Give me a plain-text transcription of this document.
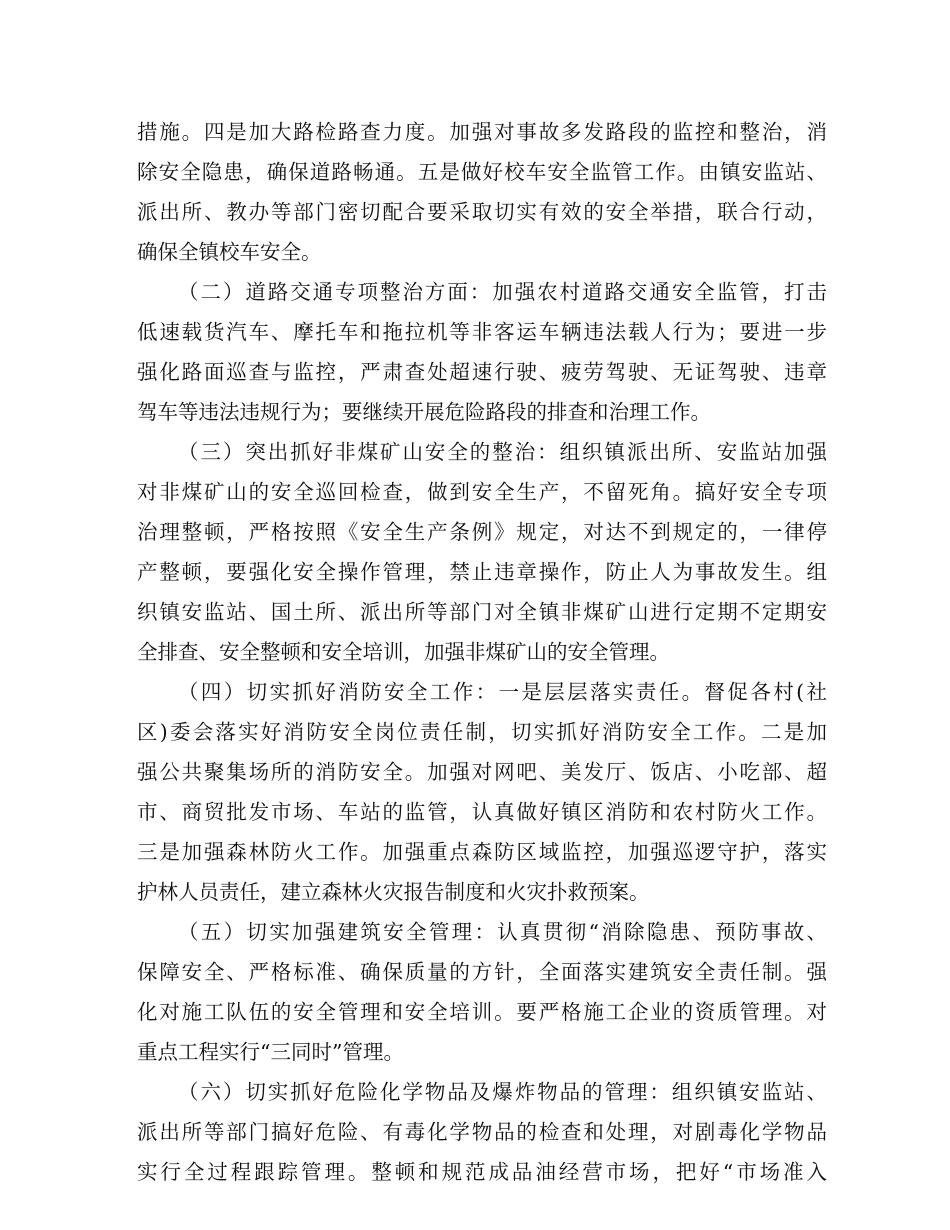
措施。四是加大路检路查力度。加强对事故多发路段的监控和整治，消
除安全隐患，确保道路畅通。五是做好校车安全监管工作。由镇安监站、
派出所、教办等部门密切配合要采取切实有效的安全举措，联合行动，
确保全镇校车安全。
（二）道路交通专项整治方面：加强农村道路交通安全监管，打击
低速载货汽车、摩托车和拖拉机等非客运车辆违法载人行为；要进一步
强化路面巡查与监控，严肃查处超速行驶、疲劳驾驶、无证驾驶、违章
驾车等违法违规行为；要继续开展危险路段的排查和治理工作。
（三）突出抓好非煤矿山安全的整治：组织镇派出所、安监站加强
对非煤矿山的安全巡回检查，做到安全生产，不留死角。搞好安全专项
治理整顿，严格按照《安全生产条例》规定，对达不到规定的，一律停
产整顿，要强化安全操作管理，禁止违章操作，防止人为事故发生。组
织镇安监站、国土所、派出所等部门对全镇非煤矿山进行定期不定期安
全排查、安全整顿和安全培训，加强非煤矿山的安全管理。
（四）切实抓好消防安全工作：一是层层落实责任。督促各村(社
区)委会落实好消防安全岗位责任制，切实抓好消防安全工作。二是加
强公共聚集场所的消防安全。加强对网吧、美发厅、饭店、小吃部、超
市、商贸批发市场、车站的监管，认真做好镇区消防和农村防火工作。
三是加强森林防火工作。加强重点森防区域监控，加强巡逻守护，落实
护林人员责任，建立森林火灾报告制度和火灾扑救预案。
（五）切实加强建筑安全管理：认真贯彻“消除隐患、预防事故、
保障安全、严格标准、确保质量的方针，全面落实建筑安全责任制。强
化对施工队伍的安全管理和安全培训。要严格施工企业的资质管理。对
重点工程实行“三同时”管理。
（六）切实抓好危险化学物品及爆炸物品的管理：组织镇安监站、
派出所等部门搞好危险、有毒化学物品的检查和处理，对剧毒化学物品
实行全过程跟踪管理。整顿和规范成品油经营市场，把好“市场准入
